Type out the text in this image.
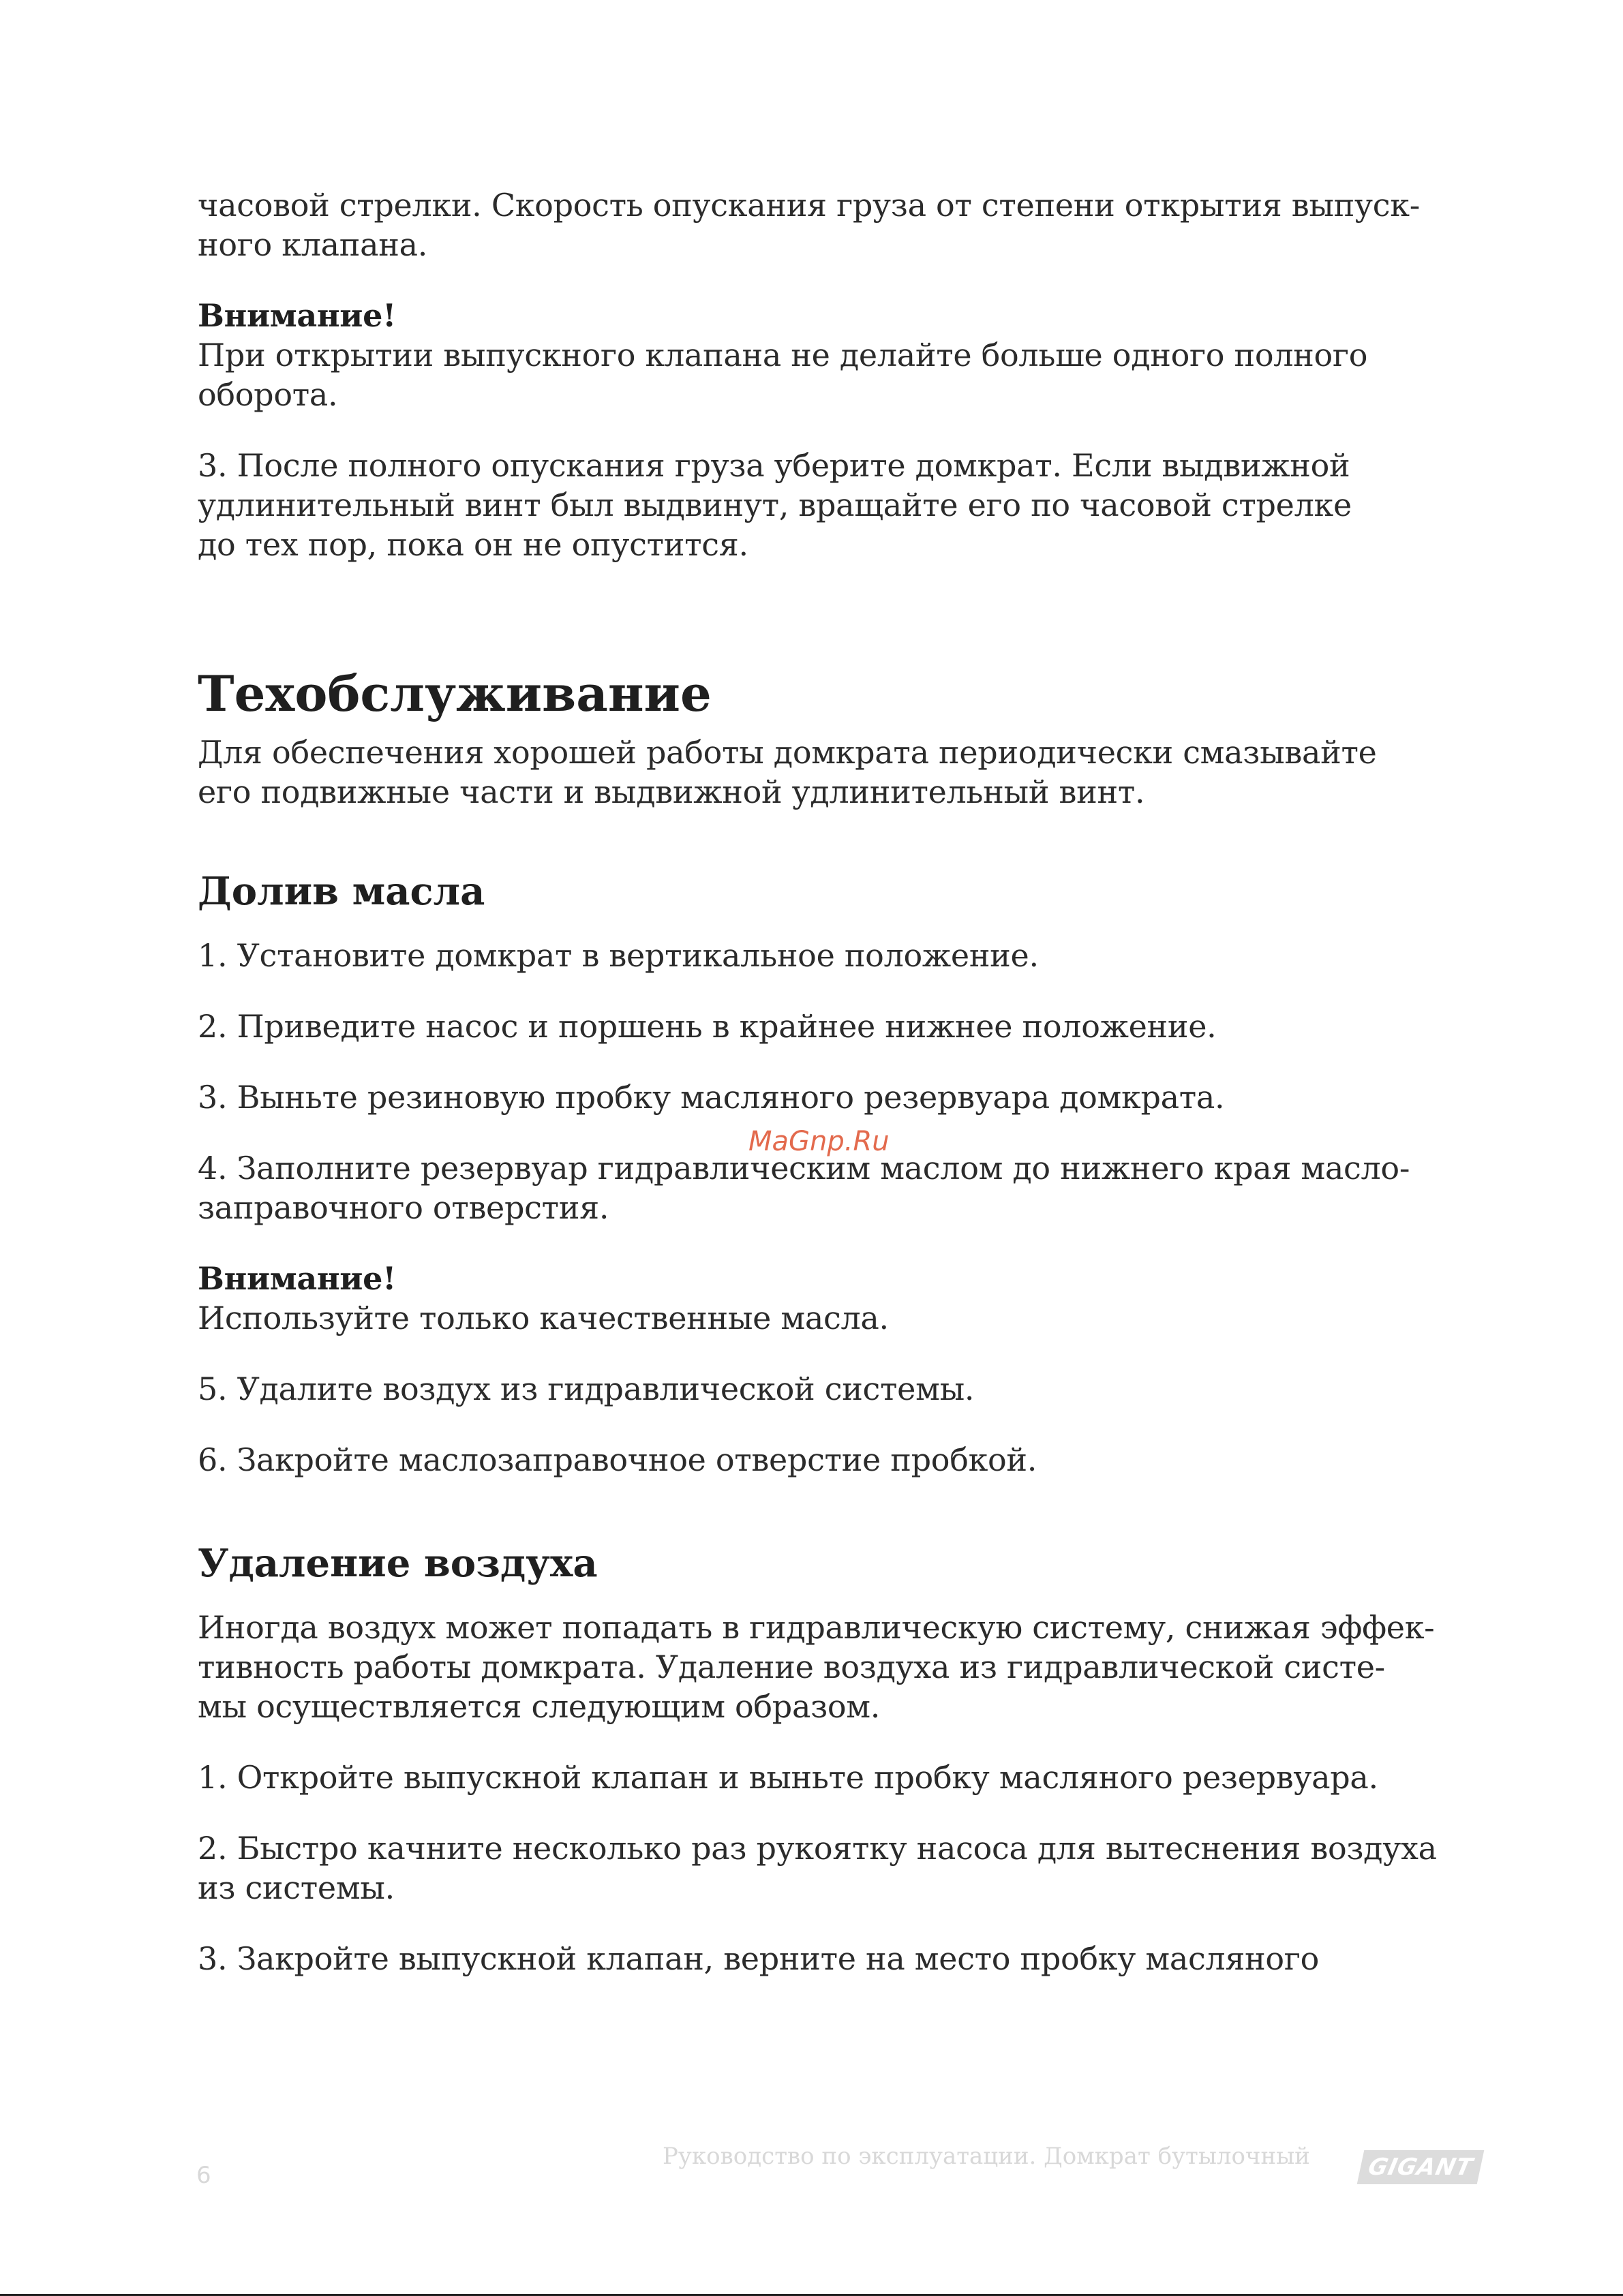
часовой стрелки. Скорость опускания груза от степени открытия выпуск-
ного клапана.

Внимание!
При открытии выпускного клапана не делайте больше одного полного
оборота.

3. После полного опускания груза уберите домкрат. Если выдвижной
удлинительный винт был выдвинут, вращайте его по часовой стрелке
до тех пор, пока он не опустится.

Техобслуживание

Для обеспечения хорошей работы домкрата периодически смазывайте
его подвижные части и выдвижной удлинительный винт.

Долив масла

1. Установите домкрат в вертикальное положение.

2. Приведите насос и поршень в крайнее нижнее положение.

3. Выньте резиновую пробку масляного резервуара домкрата.

4. Заполните резервуар гидравлическим маслом до нижнего края масло-
заправочного отверстия.

Внимание!
Используйте только качественные масла.

5. Удалите воздух из гидравлической системы.

6. Закройте маслозаправочное отверстие пробкой.

Удаление воздуха

Иногда воздух может попадать в гидравлическую систему, снижая эффек-
тивность работы домкрата. Удаление воздуха из гидравлической систе-
мы осуществляется следующим образом.

1. Откройте выпускной клапан и выньте пробку масляного резервуара.

2. Быстро качните несколько раз рукоятку насоса для вытеснения воздуха
из системы.

3. Закройте выпускной клапан, верните на место пробку масляного

MaGnp.Ru
6
Руководство по эксплуатации. Домкрат бутылочный GIGANT
